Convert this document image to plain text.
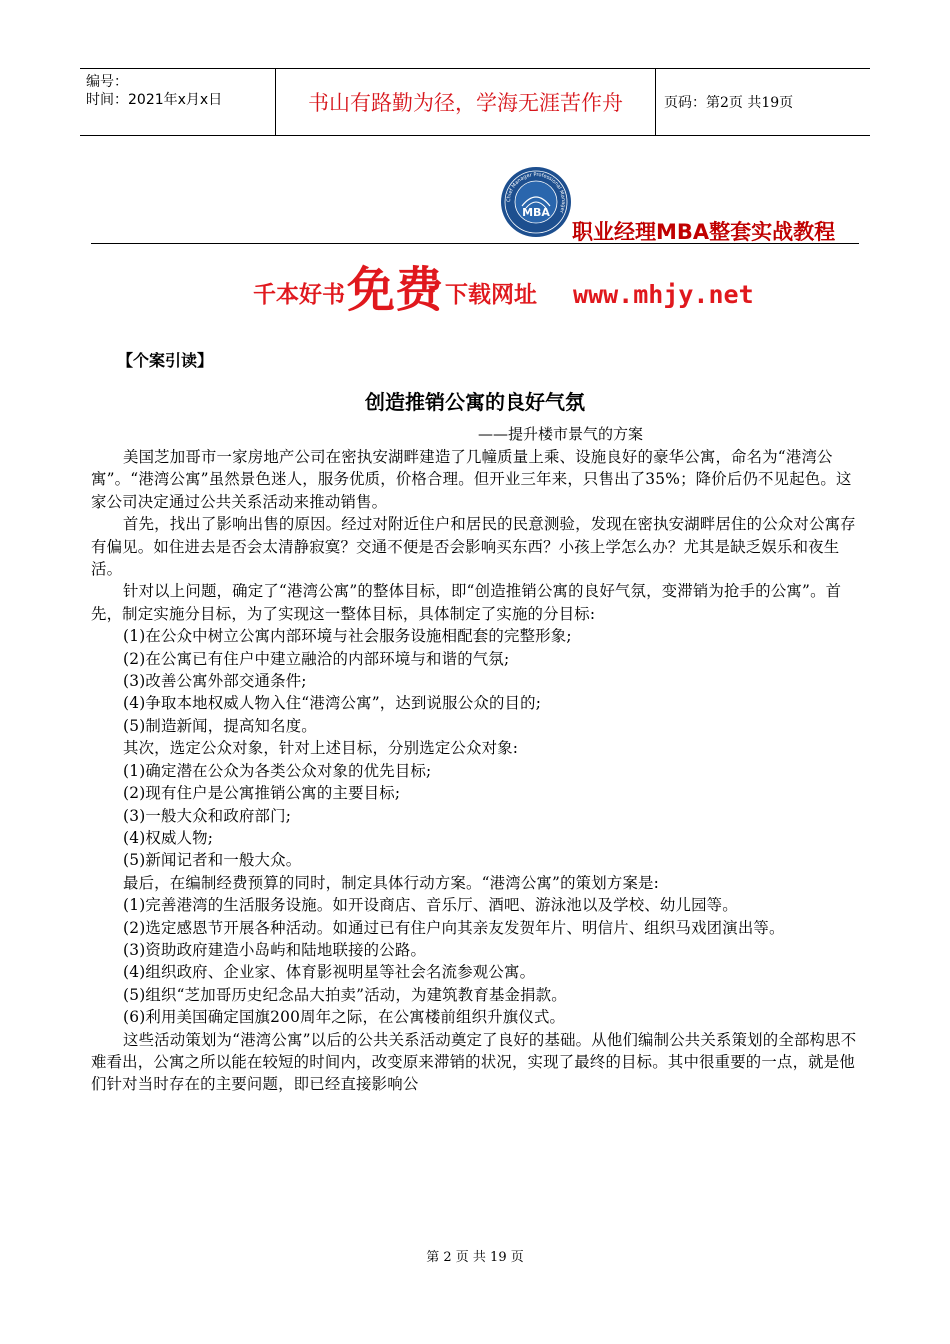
编号：
时间：2021年x月x日	书山有路勤为径，学海无涯苦作舟	页码：第2页 共19页
Chief Manager Professional Manager
MBA
职业经理MBA整套实战教程
千本好书 免费 下载网址 www.mhjy.net
【个案引读】
创造推销公寓的良好气氛
——提升楼市景气的方案

美国芝加哥市一家房地产公司在密执安湖畔建造了几幢质量上乘、设施良好的豪华公寓，命名为“港湾公寓”。“港湾公寓”虽然景色迷人，服务优质，价格合理。但开业三年来，只售出了35%；降价后仍不见起色。这家公司决定通过公共关系活动来推动销售。

首先，找出了影响出售的原因。经过对附近住户和居民的民意测验，发现在密执安湖畔居住的公众对公寓存有偏见。如住进去是否会太清静寂寞？交通不便是否会影响买东西？小孩上学怎么办？尤其是缺乏娱乐和夜生活。

针对以上问题，确定了“港湾公寓”的整体目标，即“创造推销公寓的良好气氛，变滞销为抢手的公寓”。首先，制定实施分目标，为了实现这一整体目标，具体制定了实施的分目标:

(1)在公众中树立公寓内部环境与社会服务设施相配套的完整形象;

(2)在公寓已有住户中建立融洽的内部环境与和谐的气氛;

(3)改善公寓外部交通条件;

(4)争取本地权威人物入住“港湾公寓”，达到说服公众的目的;

(5)制造新闻，提高知名度。

其次，选定公众对象，针对上述目标，分别选定公众对象:

(1)确定潜在公众为各类公众对象的优先目标;

(2)现有住户是公寓推销公寓的主要目标;

(3)一般大众和政府部门;

(4)权威人物;

(5)新闻记者和一般大众。

最后，在编制经费预算的同时，制定具体行动方案。“港湾公寓”的策划方案是:

(1)完善港湾的生活服务设施。如开设商店、音乐厅、酒吧、游泳池以及学校、幼儿园等。

(2)选定感恩节开展各种活动。如通过已有住户向其亲友发贺年片、明信片、组织马戏团演出等。

(3)资助政府建造小岛屿和陆地联接的公路。

(4)组织政府、企业家、体育影视明星等社会名流参观公寓。

(5)组织“芝加哥历史纪念品大拍卖”活动，为建筑教育基金捐款。

(6)利用美国确定国旗200周年之际，在公寓楼前组织升旗仪式。

这些活动策划为“港湾公寓”以后的公共关系活动奠定了良好的基础。从他们编制公共关系策划的全部构思不难看出，公寓之所以能在较短的时间内，改变原来滞销的状况，实现了最终的目标。其中很重要的一点，就是他们针对当时存在的主要问题，即已经直接影响公

第 2 页 共 19 页
